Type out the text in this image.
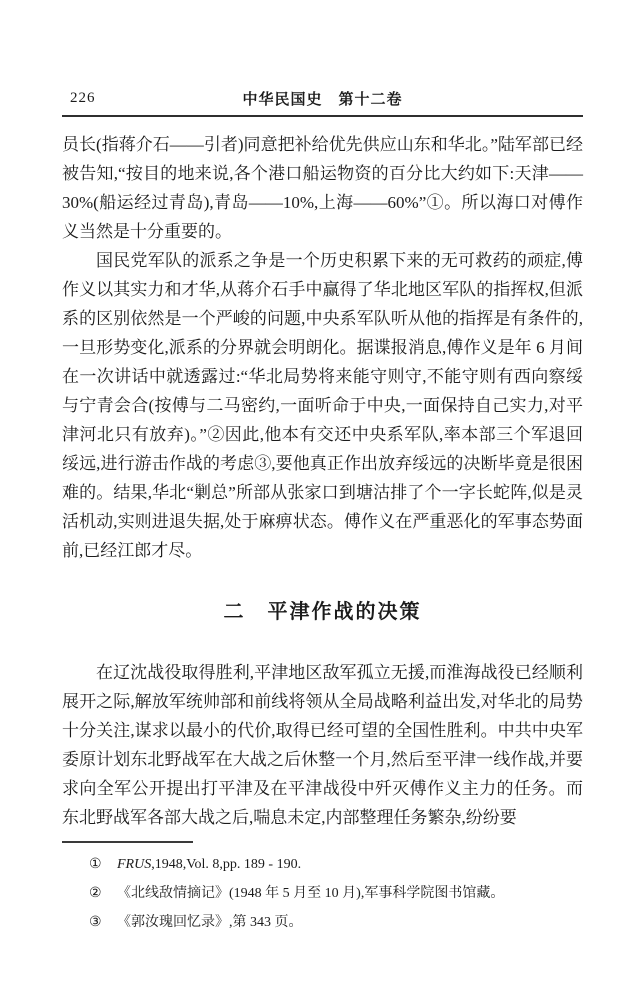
226	中华民国史　第十二卷

员长(指蒋介石——引者)同意把补给优先供应山东和华北。”陆军部已经被告知,“按目的地来说,各个港口船运物资的百分比大约如下:天津——30%(船运经过青岛),青岛——10%,上海——60%”①。所以海口对傅作义当然是十分重要的。

国民党军队的派系之争是一个历史积累下来的无可救药的顽症,傅作义以其实力和才华,从蒋介石手中赢得了华北地区军队的指挥权,但派系的区别依然是一个严峻的问题,中央系军队听从他的指挥是有条件的,一旦形势变化,派系的分界就会明朗化。据谍报消息,傅作义是年 6 月间在一次讲话中就透露过:“华北局势将来能守则守,不能守则有西向察绥与宁青会合(按傅与二马密约,一面听命于中央,一面保持自己实力,对平津河北只有放弃)。”②因此,他本有交还中央系军队,率本部三个军退回绥远,进行游击作战的考虑③,要他真正作出放弃绥远的决断毕竟是很困难的。结果,华北“剿总”所部从张家口到塘沽排了个一字长蛇阵,似是灵活机动,实则进退失据,处于麻痹状态。傅作义在严重恶化的军事态势面前,已经江郎才尽。

二　平津作战的决策

在辽沈战役取得胜利,平津地区敌军孤立无援,而淮海战役已经顺利展开之际,解放军统帅部和前线将领从全局战略利益出发,对华北的局势十分关注,谋求以最小的代价,取得已经可望的全国性胜利。中共中央军委原计划东北野战军在大战之后休整一个月,然后至平津一线作战,并要求向全军公开提出打平津及在平津战役中歼灭傅作义主力的任务。而东北野战军各部大战之后,喘息未定,内部整理任务繁杂,纷纷要

①	FRUS,1948,Vol. 8,pp. 189 - 190.
②	《北线敌情摘记》(1948 年 5 月至 10 月),军事科学院图书馆藏。
③	《郭汝瑰回忆录》,第 343 页。
